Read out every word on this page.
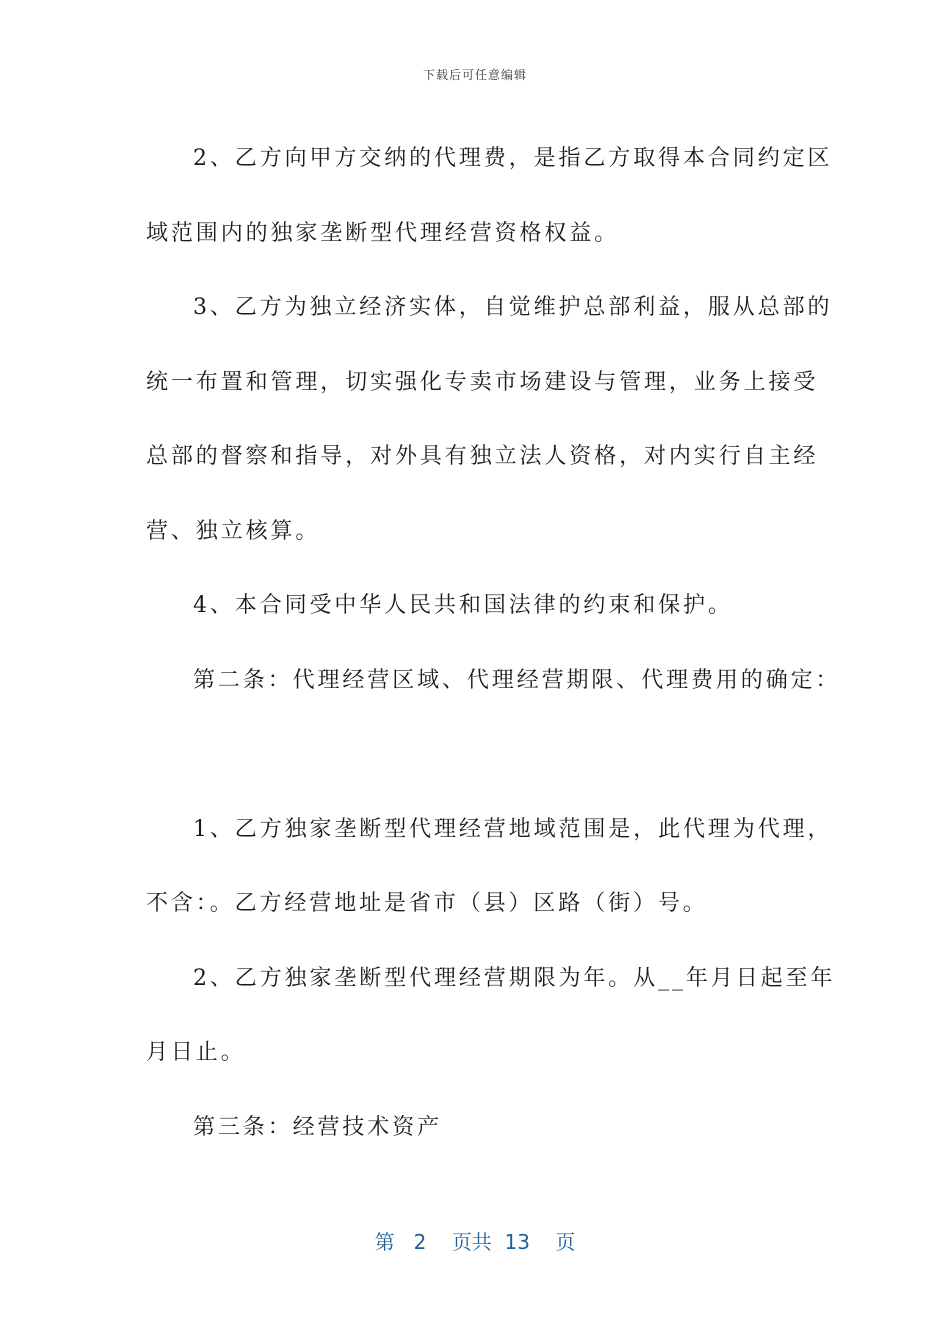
下载后可任意编辑

2、乙方向甲方交纳的代理费，是指乙方取得本合同约定区

域范围内的独家垄断型代理经营资格权益。

3、乙方为独立经济实体，自觉维护总部利益，服从总部的

统一布置和管理，切实强化专卖市场建设与管理，业务上接受

总部的督察和指导，对外具有独立法人资格，对内实行自主经

营、独立核算。

4、本合同受中华人民共和国法律的约束和保护。

第二条：代理经营区域、代理经营期限、代理费用的确定：

1、乙方独家垄断型代理经营地域范围是，此代理为代理，

不含：。乙方经营地址是省市（县）区路（街）号。

2、乙方独家垄断型代理经营期限为年。从__年月日起至年

月日止。

第三条：经营技术资产

第 2 页共 13 页
